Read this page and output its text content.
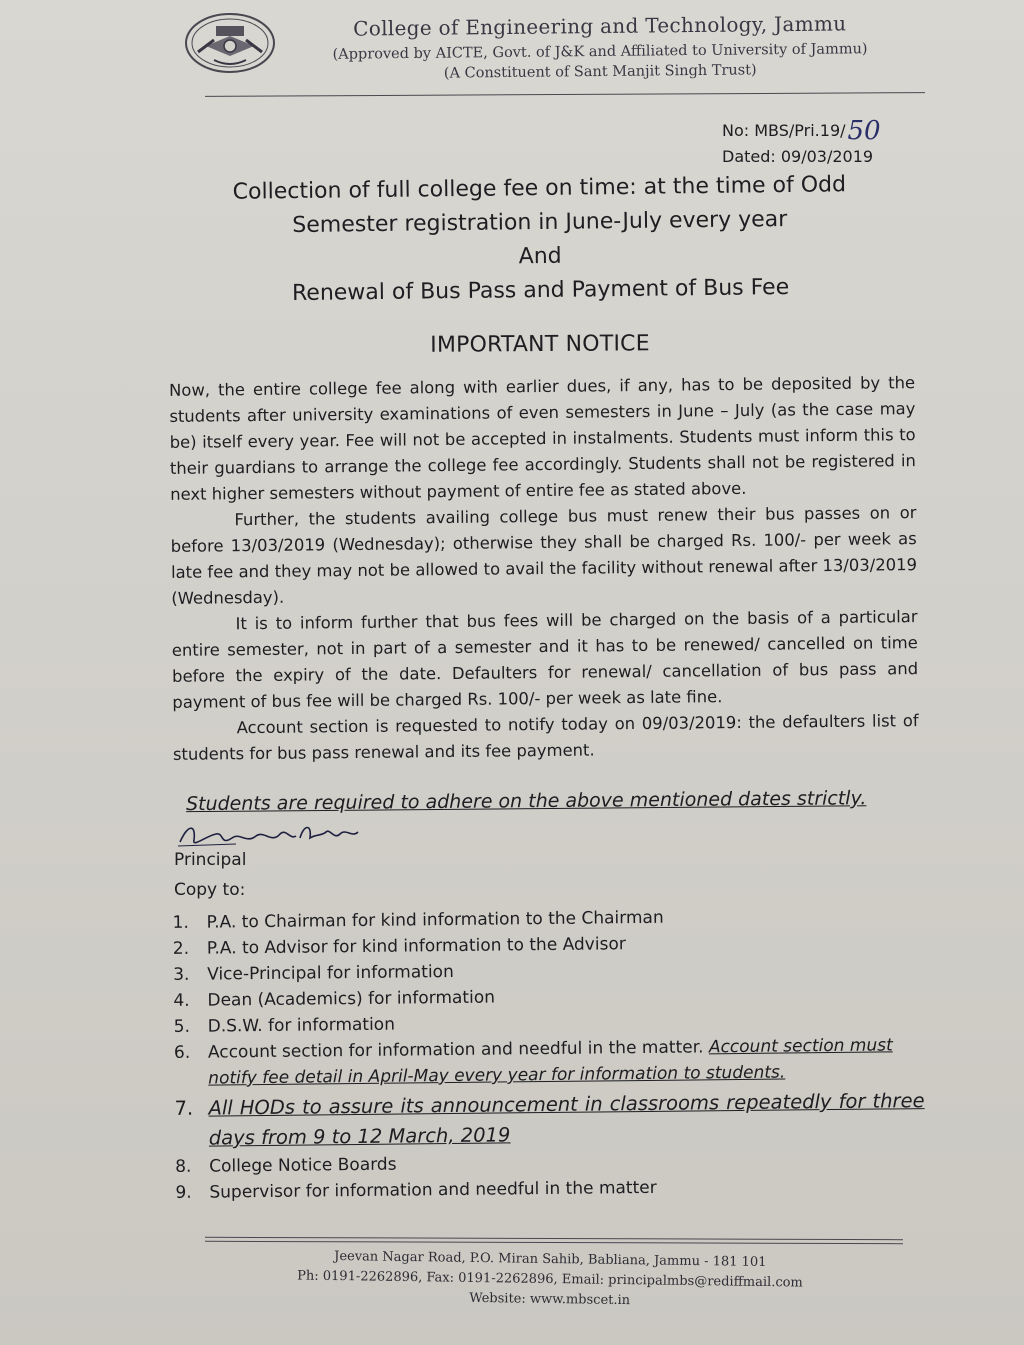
College of Engineering and Technology, Jammu
(Approved by AICTE, Govt. of J&K and Affiliated to University of Jammu)
(A Constituent of Sant Manjit Singh Trust)
No: MBS/Pri.19/50
Dated: 09/03/2019
Collection of full college fee on time: at the time of Odd
Semester registration in June-July every year
And
Renewal of Bus Pass and Payment of Bus Fee
IMPORTANT NOTICE

Now, the entire college fee along with earlier dues, if any, has to be deposited by the students after university examinations of even semesters in June – July (as the case may be) itself every year. Fee will not be accepted in instalments. Students must inform this to their guardians to arrange the college fee accordingly. Students shall not be registered in next higher semesters without payment of entire fee as stated above.

Further, the students availing college bus must renew their bus passes on or before 13/03/2019 (Wednesday); otherwise they shall be charged Rs. 100/- per week as late fee and they may not be allowed to avail the facility without renewal after 13/03/2019 (Wednesday).

It is to inform further that bus fees will be charged on the basis of a particular entire semester, not in part of a semester and it has to be renewed/ cancelled on time before the expiry of the date. Defaulters for renewal/ cancellation of bus pass and payment of bus fee will be charged Rs. 100/- per week as late fine.

Account section is requested to notify today on 09/03/2019: the defaulters list of students for bus pass renewal and its fee payment.

Students are required to adhere on the above mentioned dates strictly.
Principal
Copy to:
1.	P.A. to Chairman for kind information to the Chairman
2.	P.A. to Advisor for kind information to the Advisor
3.	Vice-Principal for information
4.	Dean (Academics) for information
5.	D.S.W. for information
6.	Account section for information and needful in the matter. Account section must notify fee detail in April-May every year for information to students.
7. All HODs to assure its announcement in classrooms repeatedly for three days from 9 to 12 March, 2019
8.	College Notice Boards
9.	Supervisor for information and needful in the matter
Jeevan Nagar Road, P.O. Miran Sahib, Babliana, Jammu - 181 101
Ph: 0191-2262896, Fax: 0191-2262896, Email: principalmbs@rediffmail.com
Website: www.mbscet.in
